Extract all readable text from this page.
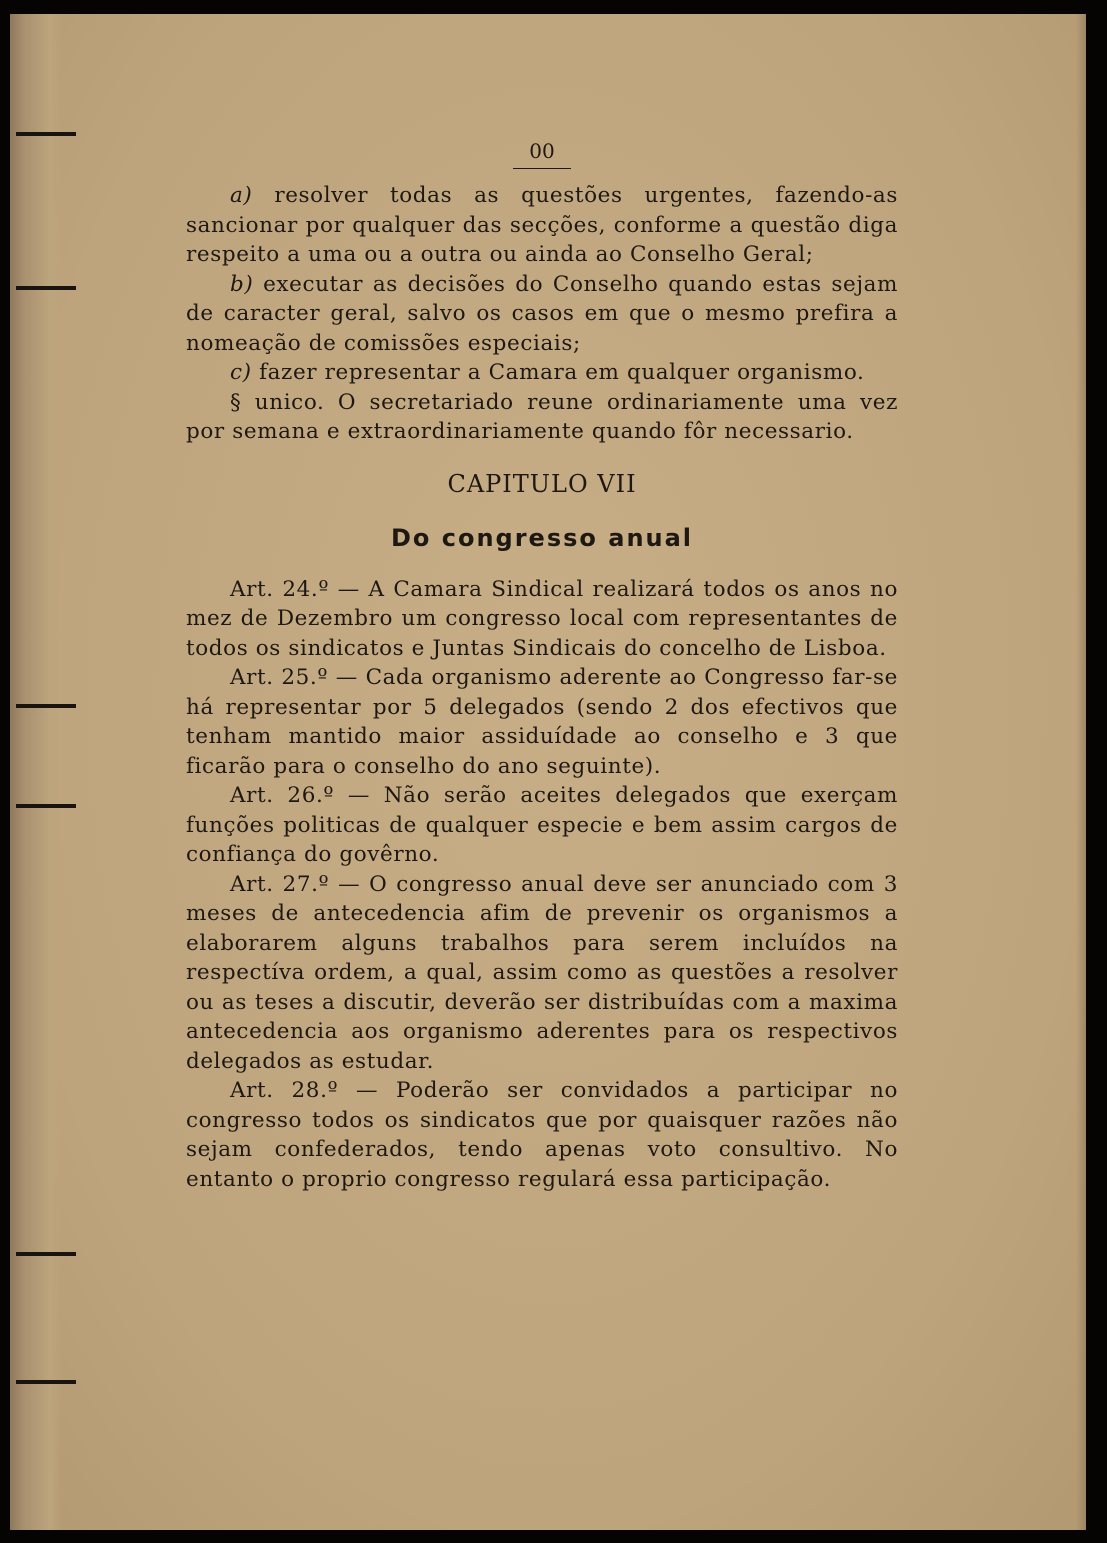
00

a) resolver todas as questões urgentes, fazendo-as sancionar por qualquer das secções, conforme a questão diga respeito a uma ou a outra ou ainda ao Conselho Geral;

b) executar as decisões do Conselho quando estas sejam de caracter geral, salvo os casos em que o mesmo prefira a nomeação de comissões especiais;

c) fazer representar a Camara em qualquer organismo.

§ unico. O secretariado reune ordinariamente uma vez por semana e extraordinariamente quando fôr necessario.

CAPITULO VII
Do congresso anual

Art. 24.º — A Camara Sindical realizará todos os anos no mez de Dezembro um congresso local com representantes de todos os sindicatos e Juntas Sindicais do concelho de Lisboa.

Art. 25.º — Cada organismo aderente ao Congresso far-se há representar por 5 delegados (sendo 2 dos efectivos que tenham mantido maior assiduídade ao conselho e 3 que ficarão para o conselho do ano seguinte).

Art. 26.º — Não serão aceites delegados que exerçam funções politicas de qualquer especie e bem assim cargos de confiança do govêrno.

Art. 27.º — O congresso anual deve ser anunciado com 3 meses de antecedencia afim de prevenir os organismos a elaborarem alguns trabalhos para serem incluídos na respectíva ordem, a qual, assim como as questões a resolver ou as teses a discutir, deverão ser distribuídas com a maxima antecedencia aos organismo aderentes para os respectivos delegados as estudar.

Art. 28.º — Poderão ser convidados a participar no congresso todos os sindicatos que por quaisquer razões não sejam confederados, tendo apenas voto consultivo. No entanto o proprio congresso regulará essa participação.
